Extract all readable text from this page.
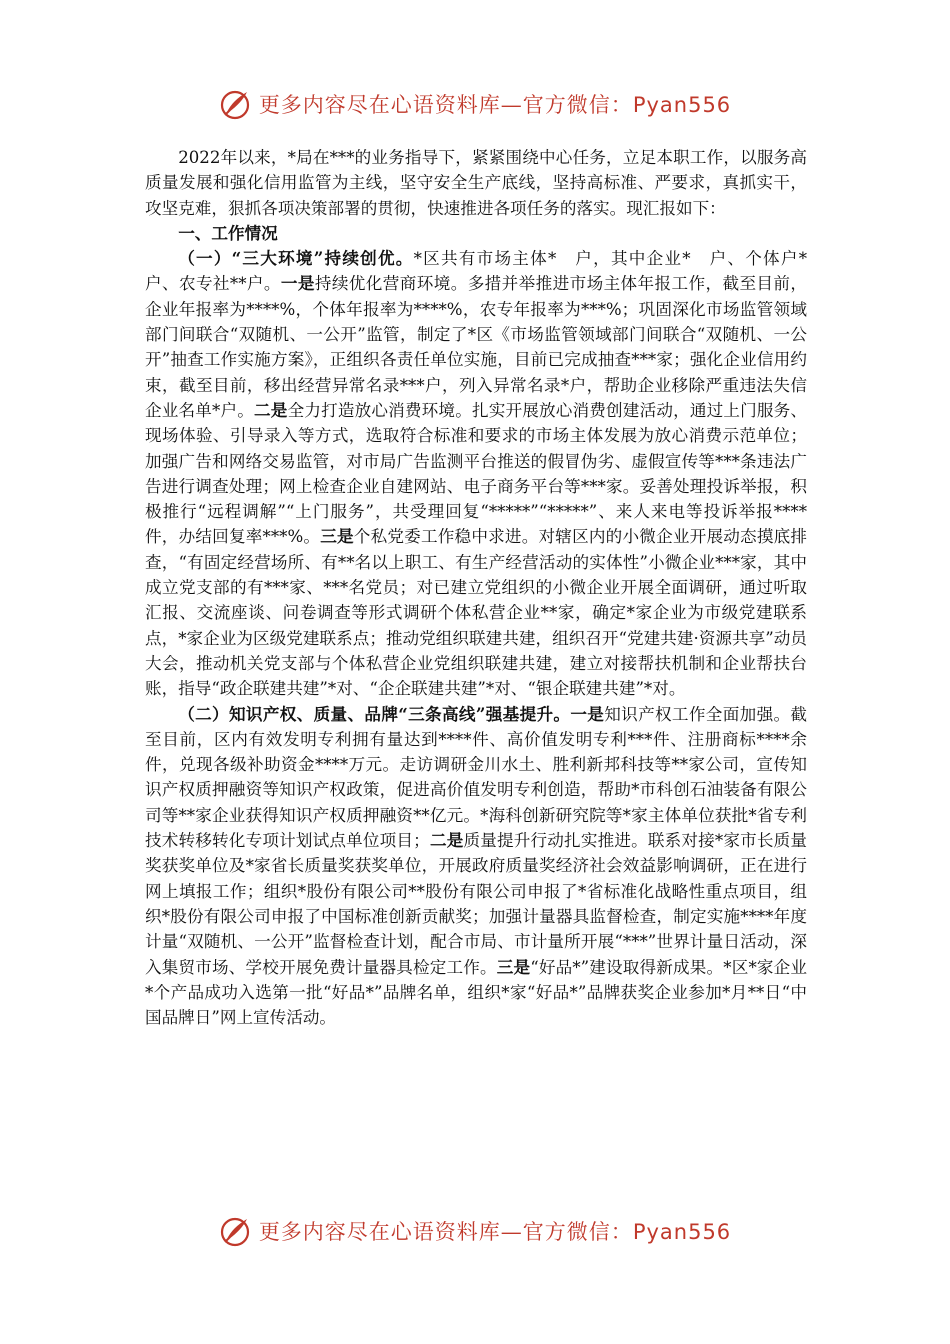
更多内容尽在心语资料库—官方微信：Pyan556

2022年以来，*局在***的业务指导下，紧紧围绕中心任务，立足本职工作，以服务高质量发展和强化信用监管为主线，坚守安全生产底线，坚持高标准、严要求，真抓实干，攻坚克难，狠抓各项决策部署的贯彻，快速推进各项任务的落实。现汇报如下：

一、工作情况

（一）“三大环境”持续创优。*区共有市场主体*　户，其中企业*　户、个体户*　户、农专社**户。一是持续优化营商环境。多措并举推进市场主体年报工作，截至目前，企业年报率为****%，个体年报率为****%，农专年报率为***%；巩固深化市场监管领域部门间联合“双随机、一公开”监管，制定了*区《市场监管领域部门间联合“双随机、一公开”抽查工作实施方案》，正组织各责任单位实施，目前已完成抽查***家；强化企业信用约束，截至目前，移出经营异常名录***户，列入异常名录*户，帮助企业移除严重违法失信企业名单*户。二是全力打造放心消费环境。扎实开展放心消费创建活动，通过上门服务、现场体验、引导录入等方式，选取符合标准和要求的市场主体发展为放心消费示范单位；加强广告和网络交易监管，对市局广告监测平台推送的假冒伪劣、虚假宣传等***条违法广告进行调查处理；网上检查企业自建网站、电子商务平台等***家。妥善处理投诉举报，积极推行“远程调解”“上门服务”，共受理回复“*****”“*****”、来人来电等投诉举报****件，办结回复率***%。三是个私党委工作稳中求进。对辖区内的小微企业开展动态摸底排查，“有固定经营场所、有**名以上职工、有生产经营活动的实体性”小微企业***家，其中成立党支部的有***家、***名党员；对已建立党组织的小微企业开展全面调研，通过听取汇报、交流座谈、问卷调查等形式调研个体私营企业**家，确定*家企业为市级党建联系点，*家企业为区级党建联系点；推动党组织联建共建，组织召开“党建共建·资源共享”动员大会，推动机关党支部与个体私营企业党组织联建共建，建立对接帮扶机制和企业帮扶台账，指导“政企联建共建”*对、“企企联建共建”*对、“银企联建共建”*对。

（二）知识产权、质量、品牌“三条高线”强基提升。一是知识产权工作全面加强。截至目前，区内有效发明专利拥有量达到****件、高价值发明专利***件、注册商标****余件，兑现各级补助资金****万元。走访调研金川水土、胜利新邦科技等**家公司，宣传知识产权质押融资等知识产权政策，促进高价值发明专利创造，帮助*市科创石油装备有限公司等**家企业获得知识产权质押融资**亿元。*海科创新研究院等*家主体单位获批*省专利技术转移转化专项计划试点单位项目；二是质量提升行动扎实推进。联系对接*家市长质量奖获奖单位及*家省长质量奖获奖单位，开展政府质量奖经济社会效益影响调研，正在进行网上填报工作；组织*股份有限公司**股份有限公司申报了*省标准化战略性重点项目，组织*股份有限公司申报了中国标准创新贡献奖；加强计量器具监督检查，制定实施****年度计量“双随机、一公开”监督检查计划，配合市局、市计量所开展“***”世界计量日活动，深入集贸市场、学校开展免费计量器具检定工作。三是“好品*”建设取得新成果。*区*家企业*个产品成功入选第一批“好品*”品牌名单，组织*家“好品*”品牌获奖企业参加*月**日“中国品牌日”网上宣传活动。

更多内容尽在心语资料库—官方微信：Pyan556
